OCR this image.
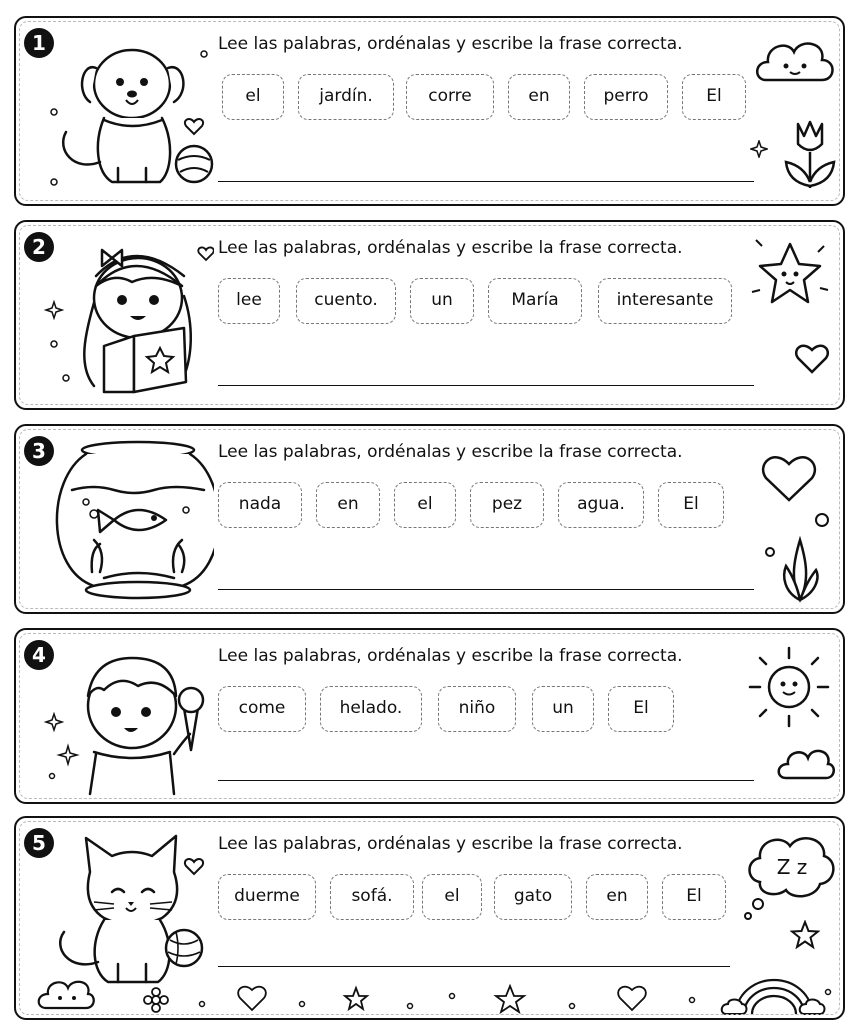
1	Lee las palabras, ordénalas y escribe la frase correcta.
el	jardín.	corre	en	perro	El
2	Lee las palabras, ordénalas y escribe la frase correcta.
lee	cuento.	un	María	interesante
3	Lee las palabras, ordénalas y escribe la frase correcta.
nada	en	el	pez	agua.	El
4	Lee las palabras, ordénalas y escribe la frase correcta.
come	helado.	niño	un	El
5	Lee las palabras, ordénalas y escribe la frase correcta.
duerme	sofá.	el	gato	en	El
Z z
